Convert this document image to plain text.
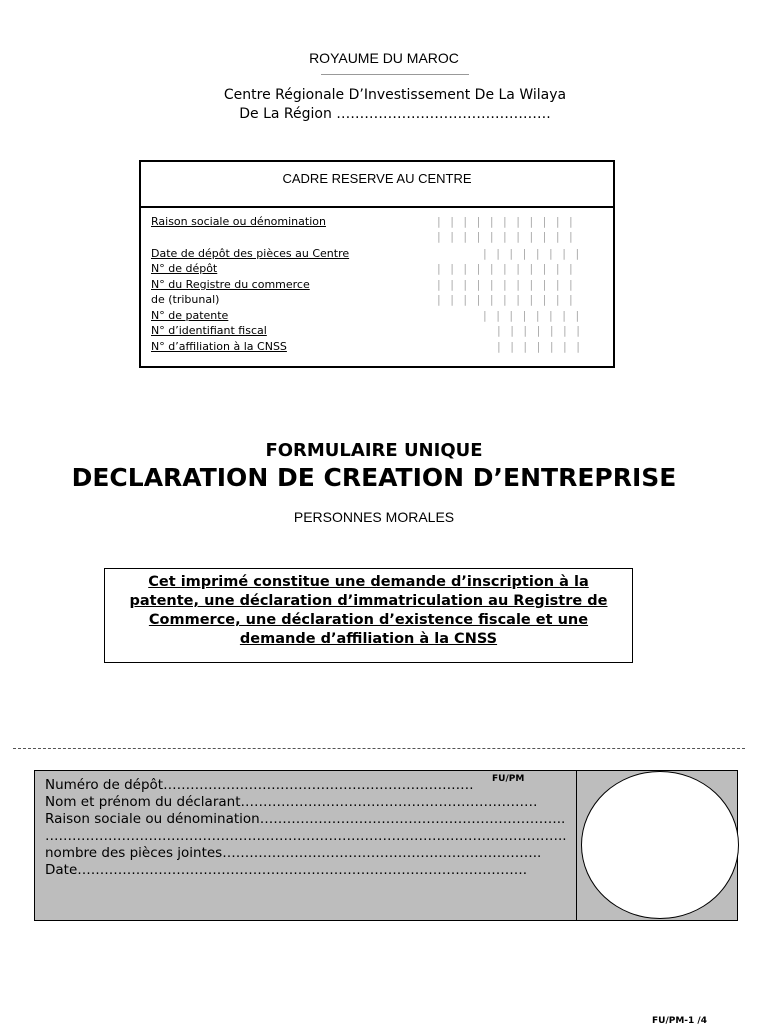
ROYAUME DU MAROC
Centre Régionale D’Investissement De La Wilaya
De La Région ……………………………………….
CADRE RESERVE AU CENTRE
Raison sociale ou dénomination
Date de dépôt des pièces au Centre
N° de dépôt
N° du Registre du commerce
de (tribunal)
N° de patente
N° d’identifiant fiscal
N° d’affiliation à la CNSS
|||||||||||
|||||||||||
||||||||
|||||||||||
|||||||||||
|||||||||||
||||||||
|||||||
|||||||
FORMULAIRE UNIQUE
DECLARATION DE CREATION D’ENTREPRISE
PERSONNES MORALES
Cet imprimé constitue une demande d’inscription à la patente, une déclaration d’immatriculation au Registre de Commerce, une déclaration d’existence fiscale et une demande d’affiliation à la CNSS
Numéro de dépôt……………………………………………………………
Nom et prénom du déclarant…………………………………………………………
Raison sociale ou dénomination…………………………………………………………..
……………………………………………………………………………………………………..
nombre des pièces jointes……………………………………………………………..
Date……………………………………………………………………………………….
FU/PM
FU/PM-1 /4
